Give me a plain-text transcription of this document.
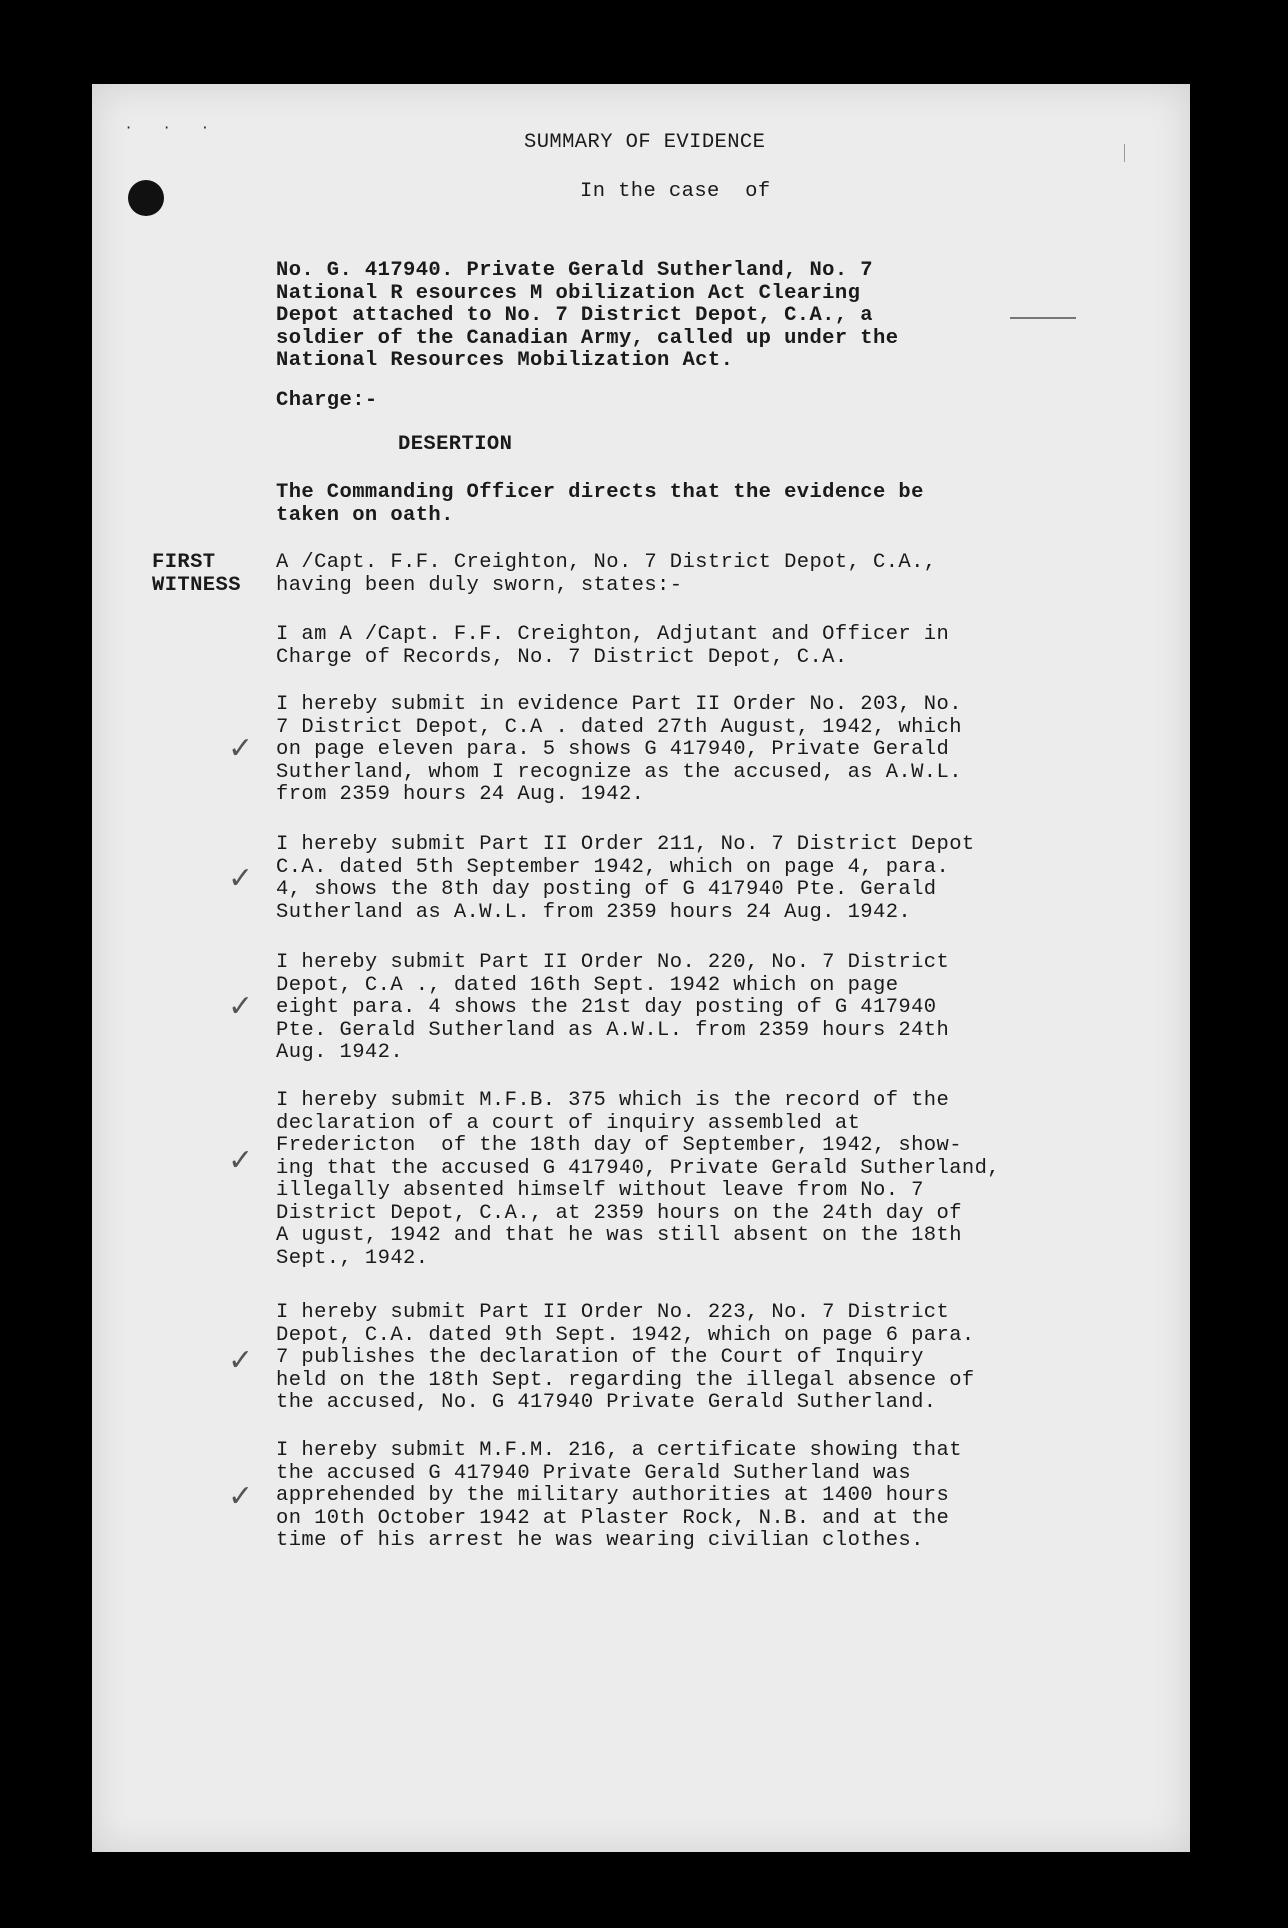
· · ·
SUMMARY OF EVIDENCE
In the case  of
No. G. 417940. Private Gerald Sutherland, No. 7
National R esources M obilization Act Clearing
Depot attached to No. 7 District Depot, C.A., a
soldier of the Canadian Army, called up under the
National Resources Mobilization Act.
Charge:-
DESERTION
The Commanding Officer directs that the evidence be
taken on oath.
FIRST
WITNESS
A /Capt. F.F. Creighton, No. 7 District Depot, C.A.,
having been duly sworn, states:-
I am A /Capt. F.F. Creighton, Adjutant and Officer in
Charge of Records, No. 7 District Depot, C.A.
✓
I hereby submit in evidence Part II Order No. 203, No.
7 District Depot, C.A . dated 27th August, 1942, which
on page eleven para. 5 shows G 417940, Private Gerald
Sutherland, whom I recognize as the accused, as A.W.L.
from 2359 hours 24 Aug. 1942.
✓
I hereby submit Part II Order 211, No. 7 District Depot
C.A. dated 5th September 1942, which on page 4, para.
4, shows the 8th day posting of G 417940 Pte. Gerald
Sutherland as A.W.L. from 2359 hours 24 Aug. 1942.
✓
I hereby submit Part II Order No. 220, No. 7 District
Depot, C.A ., dated 16th Sept. 1942 which on page
eight para. 4 shows the 21st day posting of G 417940
Pte. Gerald Sutherland as A.W.L. from 2359 hours 24th
Aug. 1942.
✓
I hereby submit M.F.B. 375 which is the record of the
declaration of a court of inquiry assembled at
Fredericton  of the 18th day of September, 1942, show-
ing that the accused G 417940, Private Gerald Sutherland,
illegally absented himself without leave from No. 7
District Depot, C.A., at 2359 hours on the 24th day of
A ugust, 1942 and that he was still absent on the 18th
Sept., 1942.
✓
I hereby submit Part II Order No. 223, No. 7 District
Depot, C.A. dated 9th Sept. 1942, which on page 6 para.
7 publishes the declaration of the Court of Inquiry
held on the 18th Sept. regarding the illegal absence of
the accused, No. G 417940 Private Gerald Sutherland.
✓
I hereby submit M.F.M. 216, a certificate showing that
the accused G 417940 Private Gerald Sutherland was
apprehended by the military authorities at 1400 hours
on 10th October 1942 at Plaster Rock, N.B. and at the
time of his arrest he was wearing civilian clothes.
